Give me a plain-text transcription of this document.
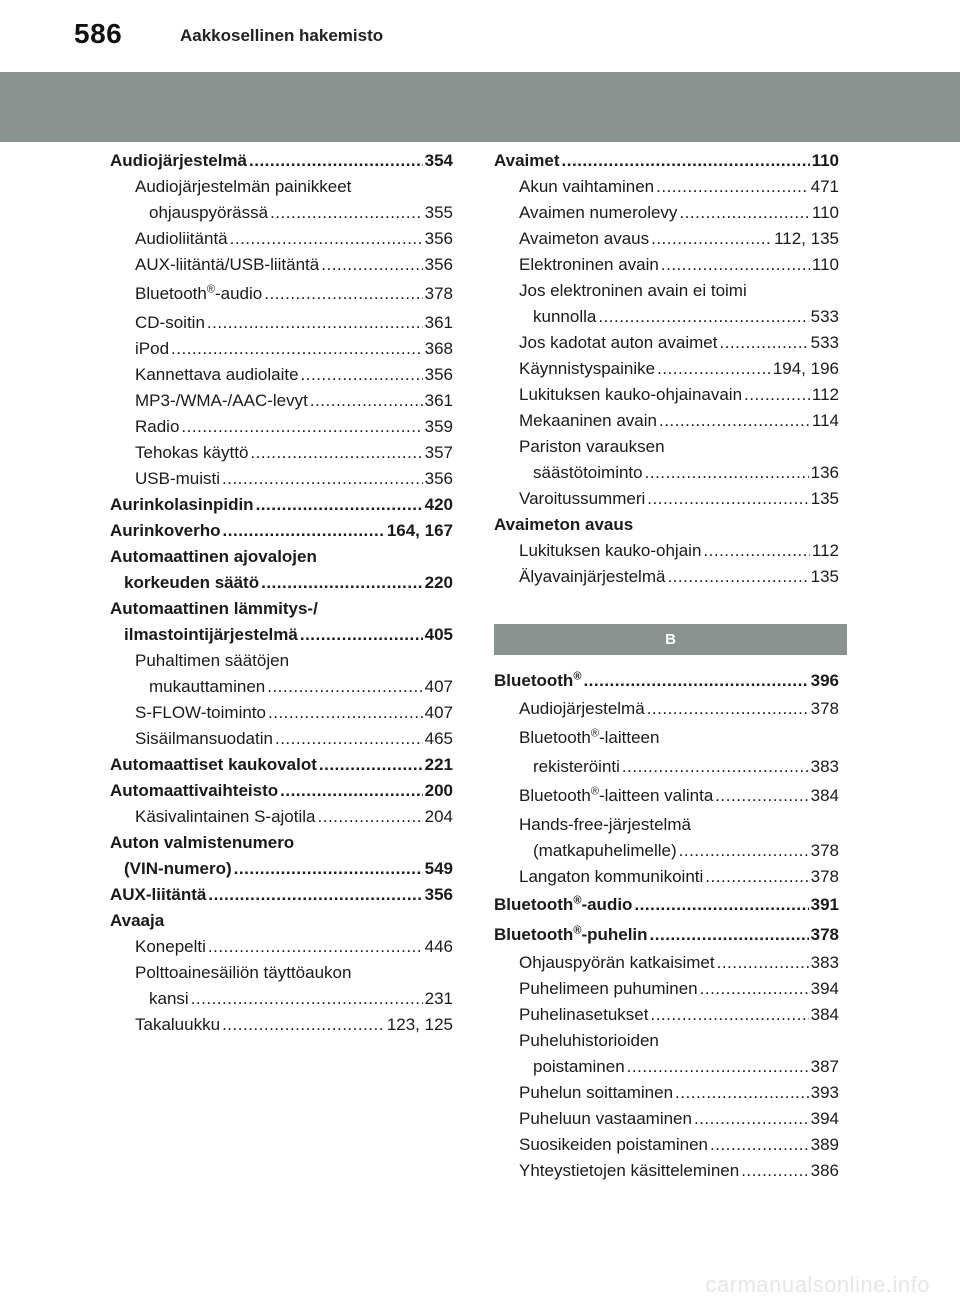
586	Aakkosellinen hakemisto
Audiojärjestelmä .....	354
Audiojärjestelmän painikkeet
ohjauspyörässä .....	355
Audioliitäntä .....	356
AUX-liitäntä/USB-liitäntä .....	356
Bluetooth®-audio .....	378
CD-soitin .....	361
iPod .....	368
Kannettava audiolaite .....	356
MP3-/WMA-/AAC-levyt .....	361
Radio .....	359
Tehokas käyttö .....	357
USB-muisti .....	356
Aurinkolasinpidin .....	420
Aurinkoverho .....	164, 167
Automaattinen ajovalojen
korkeuden säätö .....	220
Automaattinen lämmitys-/
ilmastointijärjestelmä .....	405
Puhaltimen säätöjen
mukauttaminen .....	407
S-FLOW-toiminto .....	407
Sisäilmansuodatin .....	465
Automaattiset kaukovalot .....	221
Automaattivaihteisto .....	200
Käsivalintainen S-ajotila .....	204
Auton valmistenumero
(VIN-numero) .....	549
AUX-liitäntä .....	356
Avaaja
Konepelti .....	446
Polttoainesäiliön täyttöaukon
kansi .....	231
Takaluukku .....	123, 125
Avaimet .....	110
Akun vaihtaminen .....	471
Avaimen numerolevy .....	110
Avaimeton avaus .....	112, 135
Elektroninen avain .....	110
Jos elektroninen avain ei toimi
kunnolla .....	533
Jos kadotat auton avaimet .....	533
Käynnistyspainike .....	194, 196
Lukituksen kauko-ohjainavain .....	112
Mekaaninen avain .....	114
Pariston varauksen
säästötoiminto .....	136
Varoitussummeri .....	135
Avaimeton avaus
Lukituksen kauko-ohjain .....	112
Älyavainjärjestelmä .....	135
B
Bluetooth® .....	396
Audiojärjestelmä .....	378
Bluetooth®-laitteen
rekisteröinti .....	383
Bluetooth®-laitteen valinta .....	384
Hands-free-järjestelmä
(matkapuhelimelle) .....	378
Langaton kommunikointi .....	378
Bluetooth®-audio .....	391
Bluetooth®-puhelin .....	378
Ohjauspyörän katkaisimet .....	383
Puhelimeen puhuminen .....	394
Puhelinasetukset .....	384
Puheluhistorioiden
poistaminen .....	387
Puhelun soittaminen .....	393
Puheluun vastaaminen .....	394
Suosikeiden poistaminen .....	389
Yhteystietojen käsitteleminen .....	386
carmanualsonline.info
